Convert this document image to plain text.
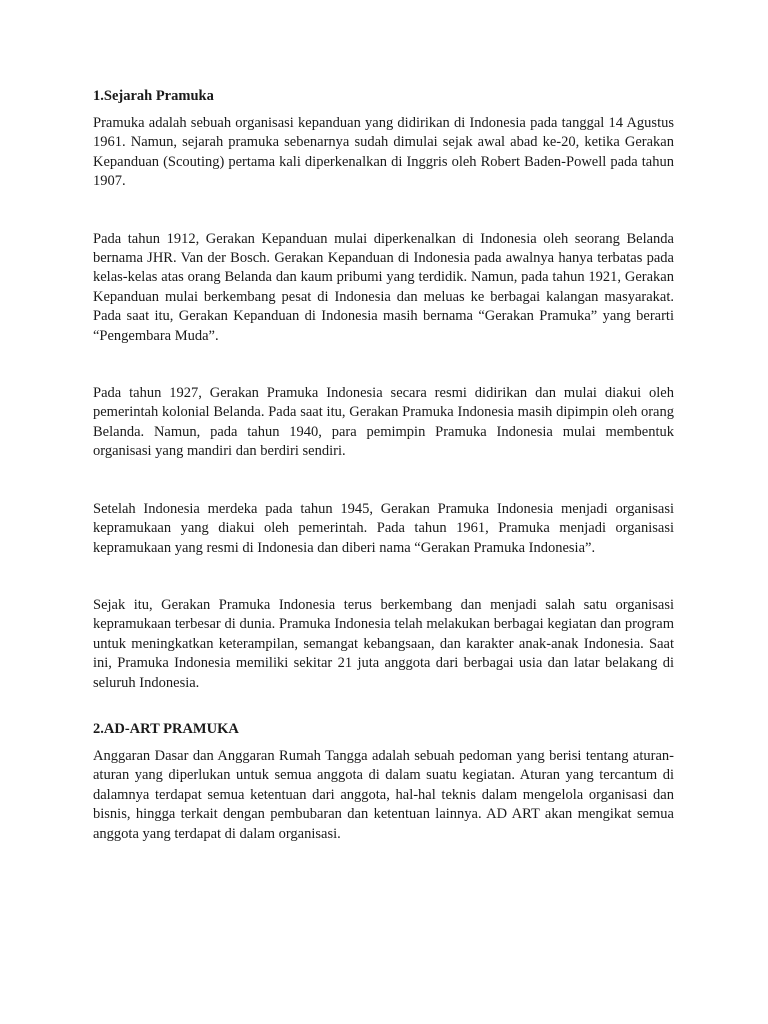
1.Sejarah Pramuka

Pramuka adalah sebuah organisasi kepanduan yang didirikan di Indonesia pada tanggal 14 Agustus 1961. Namun, sejarah pramuka sebenarnya sudah dimulai sejak awal abad ke-20, ketika Gerakan Kepanduan (Scouting) pertama kali diperkenalkan di Inggris oleh Robert Baden-Powell pada tahun 1907.

Pada tahun 1912, Gerakan Kepanduan mulai diperkenalkan di Indonesia oleh seorang Belanda bernama JHR. Van der Bosch. Gerakan Kepanduan di Indonesia pada awalnya hanya terbatas pada kelas-kelas atas orang Belanda dan kaum pribumi yang terdidik. Namun, pada tahun 1921, Gerakan Kepanduan mulai berkembang pesat di Indonesia dan meluas ke berbagai kalangan masyarakat. Pada saat itu, Gerakan Kepanduan di Indonesia masih bernama “Gerakan Pramuka” yang berarti “Pengembara Muda”.

Pada tahun 1927, Gerakan Pramuka Indonesia secara resmi didirikan dan mulai diakui oleh pemerintah kolonial Belanda. Pada saat itu, Gerakan Pramuka Indonesia masih dipimpin oleh orang Belanda. Namun, pada tahun 1940, para pemimpin Pramuka Indonesia mulai membentuk organisasi yang mandiri dan berdiri sendiri.

Setelah Indonesia merdeka pada tahun 1945, Gerakan Pramuka Indonesia menjadi organisasi kepramukaan yang diakui oleh pemerintah. Pada tahun 1961, Pramuka menjadi organisasi kepramukaan yang resmi di Indonesia dan diberi nama “Gerakan Pramuka Indonesia”.

Sejak itu, Gerakan Pramuka Indonesia terus berkembang dan menjadi salah satu organisasi kepramukaan terbesar di dunia. Pramuka Indonesia telah melakukan berbagai kegiatan dan program untuk meningkatkan keterampilan, semangat kebangsaan, dan karakter anak-anak Indonesia. Saat ini, Pramuka Indonesia memiliki sekitar 21 juta anggota dari berbagai usia dan latar belakang di seluruh Indonesia.

2.AD-ART PRAMUKA

Anggaran Dasar dan Anggaran Rumah Tangga adalah sebuah pedoman yang berisi tentang aturan-aturan yang diperlukan untuk semua anggota di dalam suatu kegiatan. Aturan yang tercantum di dalamnya terdapat semua ketentuan dari anggota, hal-hal teknis dalam mengelola organisasi dan bisnis, hingga terkait dengan pembubaran dan ketentuan lainnya. AD ART akan mengikat semua anggota yang terdapat di dalam organisasi.
